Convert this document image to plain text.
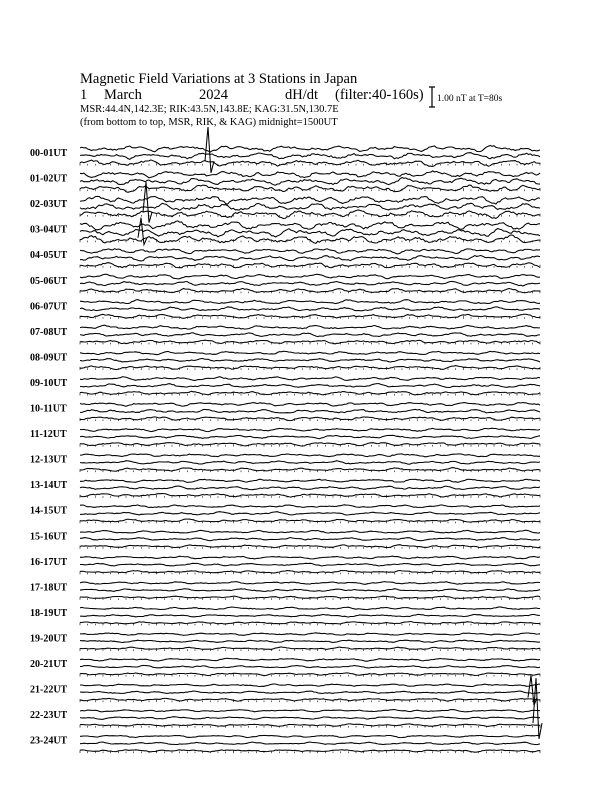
Magnetic Field Variations at 3 Stations in Japan
1 March	2024	dH/dt (filter:40-160s)
MSR:44.4N,142.3E; RIK:43.5N,143.8E; KAG:31.5N,130.7E
(from bottom to top, MSR, RIK, & KAG) midnight=1500UT
1.00 nT at T=80s
00-01UT
01-02UT
02-03UT
03-04UT
04-05UT
05-06UT
06-07UT
07-08UT
08-09UT
09-10UT
10-11UT
11-12UT
12-13UT
13-14UT
14-15UT
15-16UT
16-17UT
17-18UT
18-19UT
19-20UT
20-21UT
21-22UT
22-23UT
23-24UT
